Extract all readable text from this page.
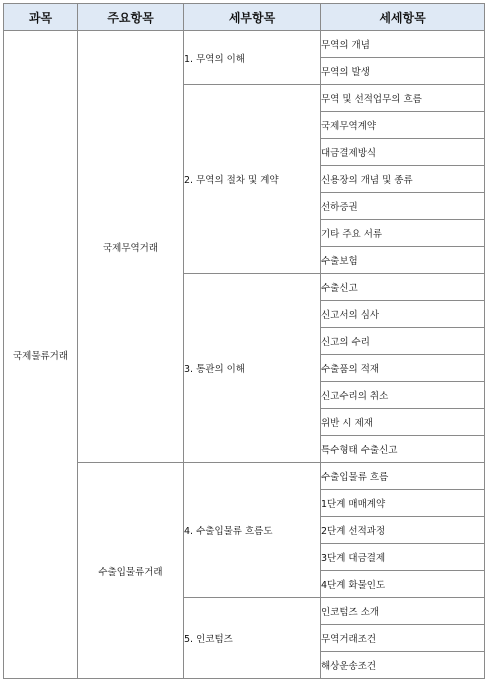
과목	주요항목	세부항목	세세항목
국제물류거래	국제무역거래	1. 무역의 이해	무역의 개념
			무역의 발생
		2. 무역의 절차 및 계약	무역 및 선적업무의 흐름
			국제무역계약
			대금결제방식
			신용장의 개념 및 종류
			선하증권
			기타 주요 서류
			수출보험
		3. 통관의 이해	수출신고
			신고서의 심사
			신고의 수리
			수출품의 적재
			신고수리의 취소
			위반 시 제재
			특수형태 수출신고
	수출입물류거래	4. 수출입물류 흐름도	수출입물류 흐름
			1단계 매매계약
			2단계 선적과정
			3단계 대금결제
			4단계 화물인도
		5. 인코텀즈	인코텀즈 소개
			무역거래조건
			해상운송조건
